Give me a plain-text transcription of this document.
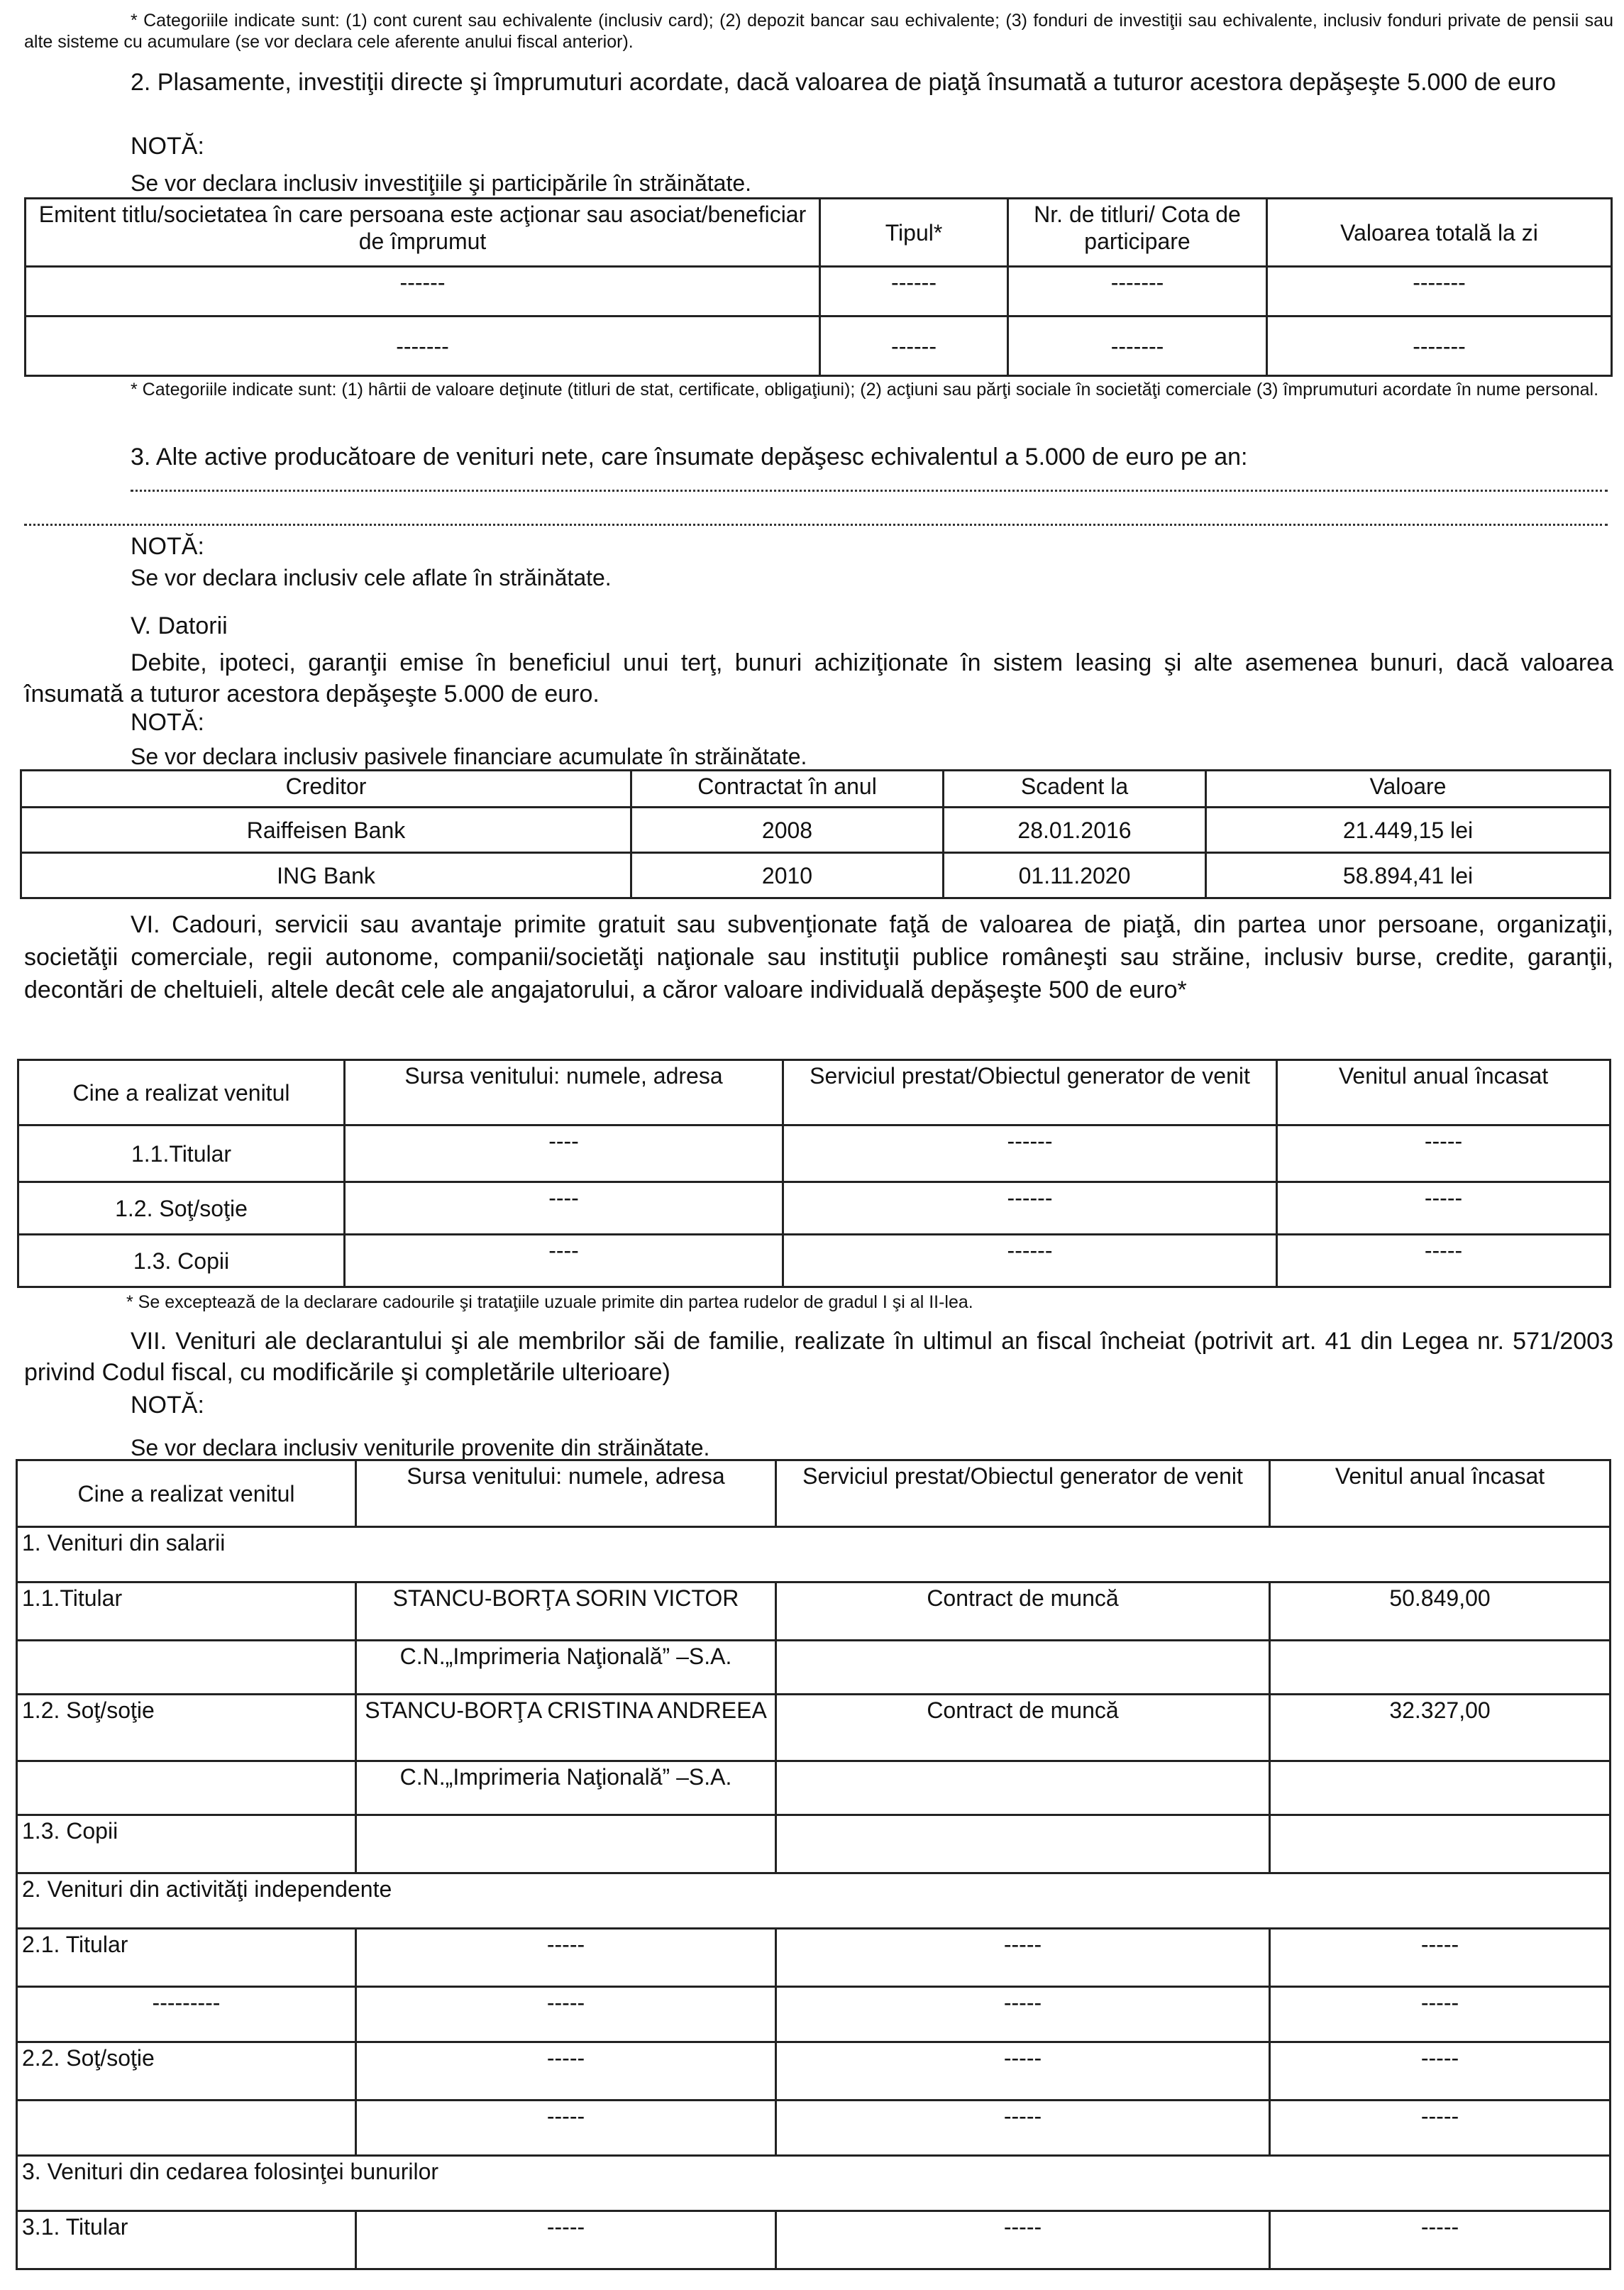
* Categoriile indicate sunt: (1) cont curent sau echivalente (inclusiv card); (2) depozit bancar sau echivalente; (3) fonduri de investiţii sau echivalente, inclusiv fonduri private de pensii sau alte sisteme cu acumulare (se vor declara cele aferente anului fiscal anterior).
2. Plasamente, investiţii directe şi împrumuturi acordate, dacă valoarea de piaţă însumată a tuturor acestora depăşeşte 5.000 de euro
NOTĂ:
Se vor declara inclusiv investiţiile şi participările în străinătate.
Emitent titlu/societatea în care persoana este acţionar sau asociat/beneficiar de împrumut	Tipul*	Nr. de titluri/ Cota de participare	Valoarea totală la zi
------	------	-------	-------
-------	------	-------	-------
* Categoriile indicate sunt: (1) hârtii de valoare deţinute (titluri de stat, certificate, obligaţiuni); (2) acţiuni sau părţi sociale în societăţi comerciale (3) împrumuturi acordate în nume personal.
3. Alte active producătoare de venituri nete, care însumate depăşesc echivalentul a 5.000 de euro pe an:
NOTĂ:
Se vor declara inclusiv cele aflate în străinătate.
V. Datorii
Debite, ipoteci, garanţii emise în beneficiul unui terţ, bunuri achiziţionate în sistem leasing şi alte asemenea bunuri, dacă valoarea însumată a tuturor acestora depăşeşte 5.000 de euro.
NOTĂ:
Se vor declara inclusiv pasivele financiare acumulate în străinătate.
Creditor	Contractat în anul	Scadent la	Valoare
Raiffeisen Bank	2008	28.01.2016	21.449,15 lei
ING Bank	2010	01.11.2020	58.894,41 lei
VI. Cadouri, servicii sau avantaje primite gratuit sau subvenţionate faţă de valoarea de piaţă, din partea unor persoane, organizaţii, societăţii comerciale, regii autonome, companii/societăţi naţionale sau instituţii publice româneşti sau străine, inclusiv burse, credite, garanţii, decontări de cheltuieli, altele decât cele ale angajatorului, a căror valoare individuală depăşeşte 500 de euro*
Cine a realizat venitul	Sursa venitului: numele, adresa	Serviciul prestat/Obiectul generator de venit	Venitul anual încasat
1.1.Titular	----	------	-----
1.2. Soţ/soţie	----	------	-----
1.3. Copii	----	------	-----
* Se exceptează de la declarare cadourile şi trataţiile uzuale primite din partea rudelor de gradul I şi al II-lea.
VII. Venituri ale declarantului şi ale membrilor săi de familie, realizate în ultimul an fiscal încheiat (potrivit art. 41 din Legea nr. 571/2003 privind Codul fiscal, cu modificările şi completările ulterioare)
NOTĂ:
Se vor declara inclusiv veniturile provenite din străinătate.
Cine a realizat venitul	Sursa venitului: numele, adresa	Serviciul prestat/Obiectul generator de venit	Venitul anual încasat
1. Venituri din salarii			
1.1.Titular	STANCU-BORŢA SORIN VICTOR	Contract de muncă	50.849,00
	C.N.„Imprimeria Naţională” –S.A.		
1.2. Soţ/soţie	STANCU-BORŢA CRISTINA ANDREEA	Contract de muncă	32.327,00
	C.N.„Imprimeria Naţională” –S.A.		
1.3. Copii			
2. Venituri din activităţi independente			
2.1. Titular	-----	-----	-----
---------	-----	-----	-----
2.2. Soţ/soţie	-----	-----	-----
	-----	-----	-----
3. Venituri din cedarea folosinţei bunurilor			
3.1. Titular	-----	-----	-----
